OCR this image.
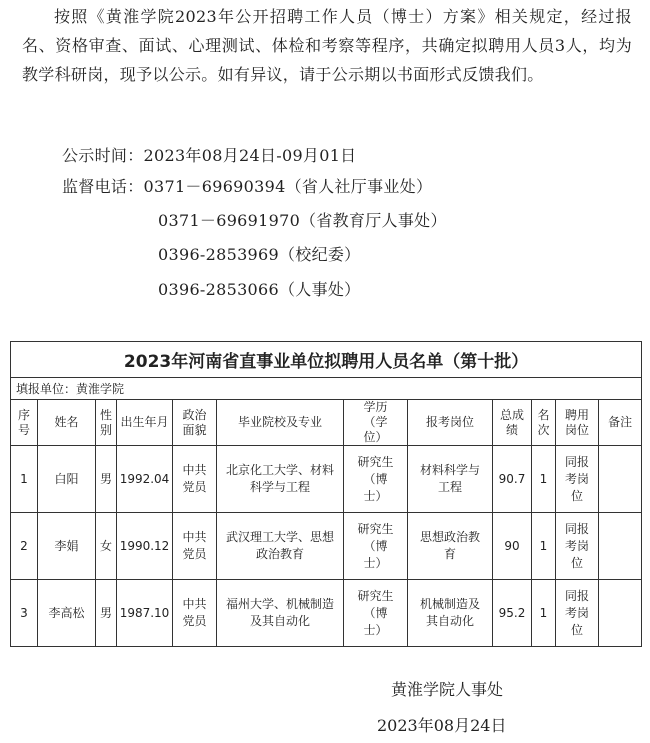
按照《黄淮学院2023年公开招聘工作人员（博士）方案》相关规定，经过报名、资格审查、面试、心理测试、体检和考察等程序，共确定拟聘用人员3人，均为教学科研岗，现予以公示。如有异议，请于公示期以书面形式反馈我们。
公示时间：2023年08月24日-09月01日
监督电话：0371－69690394（省人社厅事业处）
0371－69691970（省教育厅人事处）
0396-2853969（校纪委）
0396-2853066（人事处）
2023年河南省直事业单位拟聘用人员名单（第十批）											
填报单位：黄淮学院											
序号	姓名	性别	出生年月	政治面貌	毕业院校及专业	学历（学位）	报考岗位	总成绩	名次	聘用岗位	备注
1	白阳	男	1992.04	中共党员	北京化工大学、材料科学与工程	研究生（博士）	材料科学与工程	90.7	1	同报考岗位	
2	李娟	女	1990.12	中共党员	武汉理工大学、思想政治教育	研究生（博士）	思想政治教育	90	1	同报考岗位	
3	李高松	男	1987.10	中共党员	福州大学、机械制造及其自动化	研究生（博士）	机械制造及其自动化	95.2	1	同报考岗位	
黄淮学院人事处
2023年08月24日
